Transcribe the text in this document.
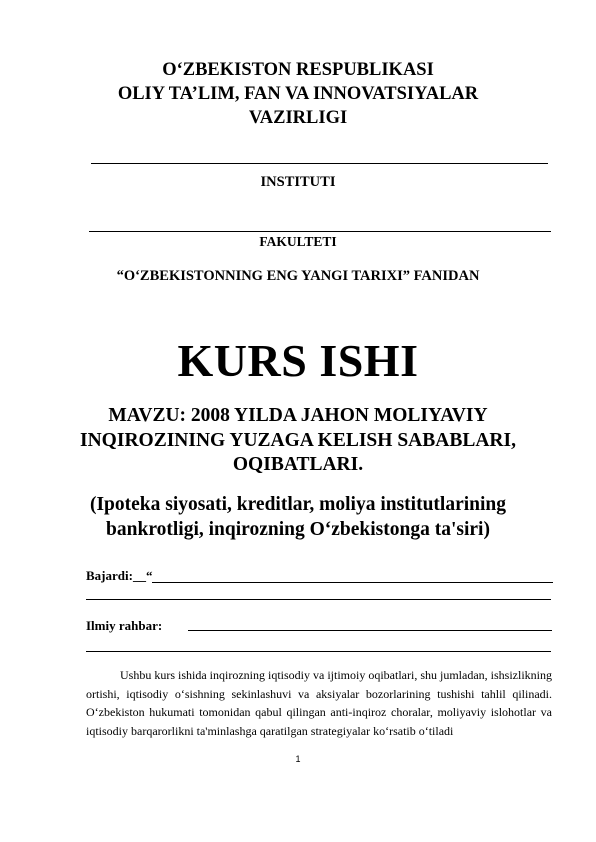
O‘ZBEKISTON RESPUBLIKASI
OLIY TA’LIM, FAN VA INNOVATSIYALAR
VAZIRLIGI
INSTITUTI
FAKULTETI
“O‘ZBEKISTONNING ENG YANGI TARIXI” FANIDAN
KURS ISHI
MAVZU: 2008 YILDA JAHON MOLIYAVIY
INQIROZINING YUZAGA KELISH SABABLARI,
OQIBATLARI.
(Ipoteka siyosati, kreditlar, moliya institutlarining
bankrotligi, inqirozning O‘zbekistonga ta'siri)
Bajardi:__“
Ilmiy rahbar:
Ushbu kurs ishida inqirozning iqtisodiy va ijtimoiy oqibatlari, shu jumladan, ishsizlikning ortishi, iqtisodiy o‘sishning sekinlashuvi va aksiyalar bozorlarining tushishi tahlil qilinadi. O‘zbekiston hukumati tomonidan qabul qilingan anti-inqiroz choralar, moliyaviy islohotlar va iqtisodiy barqarorlikni ta'minlashga qaratilgan strategiyalar ko‘rsatib o‘tiladi
1
